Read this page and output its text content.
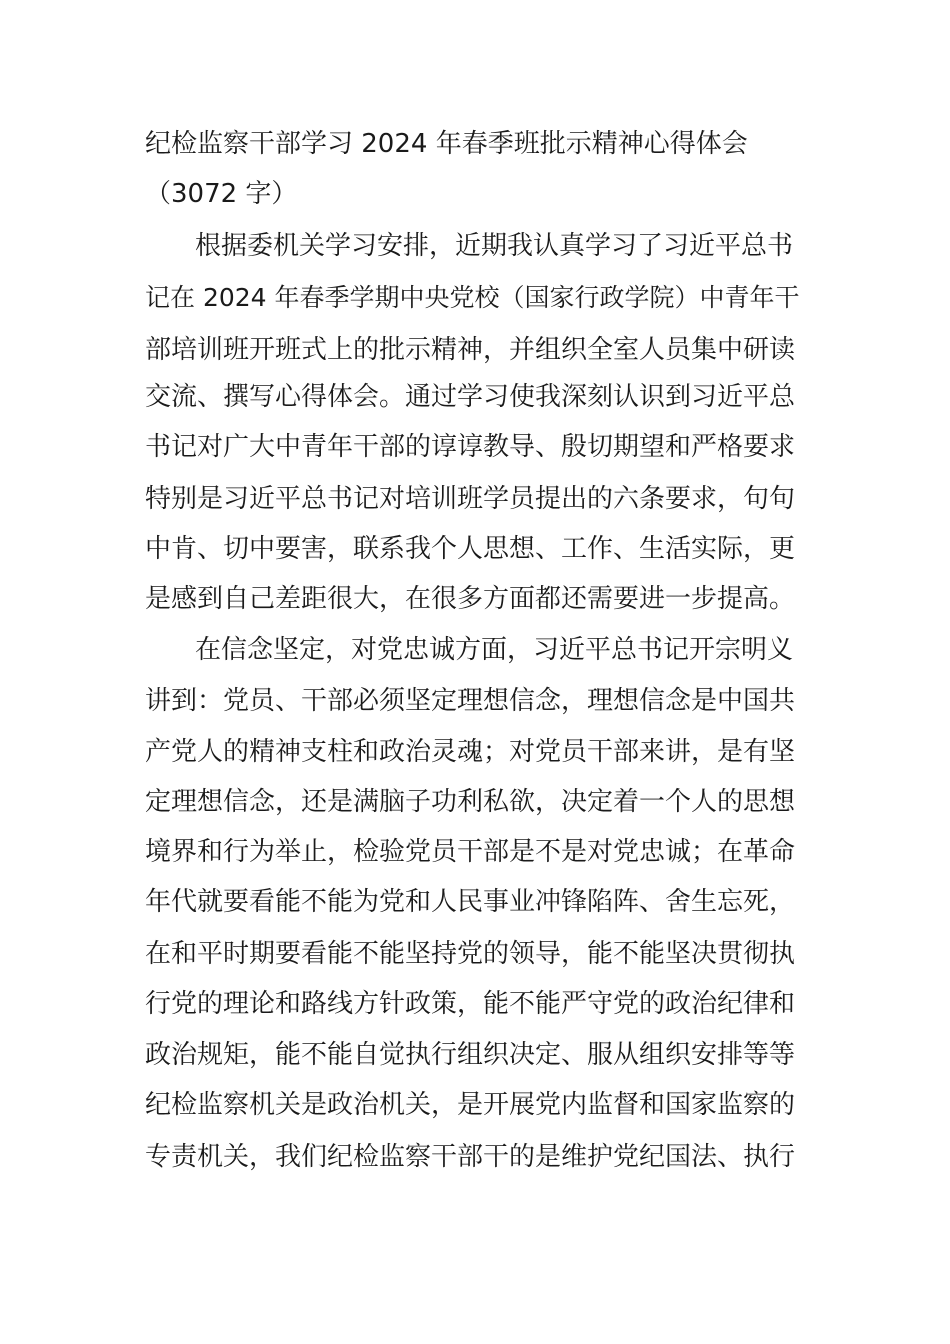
纪检监察干部学习 2024 年春季班批示精神心得体会
（3072 字）
根据委机关学习安排，近期我认真学习了习近平总书
记在 2024 年春季学期中央党校（国家行政学院）中青年干
部培训班开班式上的批示精神，并组织全室人员集中研读
交流、撰写心得体会。通过学习使我深刻认识到习近平总
书记对广大中青年干部的谆谆教导、殷切期望和严格要求
特别是习近平总书记对培训班学员提出的六条要求，句句
中肯、切中要害，联系我个人思想、工作、生活实际，更
是感到自己差距很大，在很多方面都还需要进一步提高。
在信念坚定，对党忠诚方面，习近平总书记开宗明义
讲到：党员、干部必须坚定理想信念，理想信念是中国共
产党人的精神支柱和政治灵魂；对党员干部来讲，是有坚
定理想信念，还是满脑子功利私欲，决定着一个人的思想
境界和行为举止，检验党员干部是不是对党忠诚；在革命
年代就要看能不能为党和人民事业冲锋陷阵、舍生忘死，
在和平时期要看能不能坚持党的领导，能不能坚决贯彻执
行党的理论和路线方针政策，能不能严守党的政治纪律和
政治规矩，能不能自觉执行组织决定、服从组织安排等等
纪检监察机关是政治机关，是开展党内监督和国家监察的
专责机关，我们纪检监察干部干的是维护党纪国法、执行
